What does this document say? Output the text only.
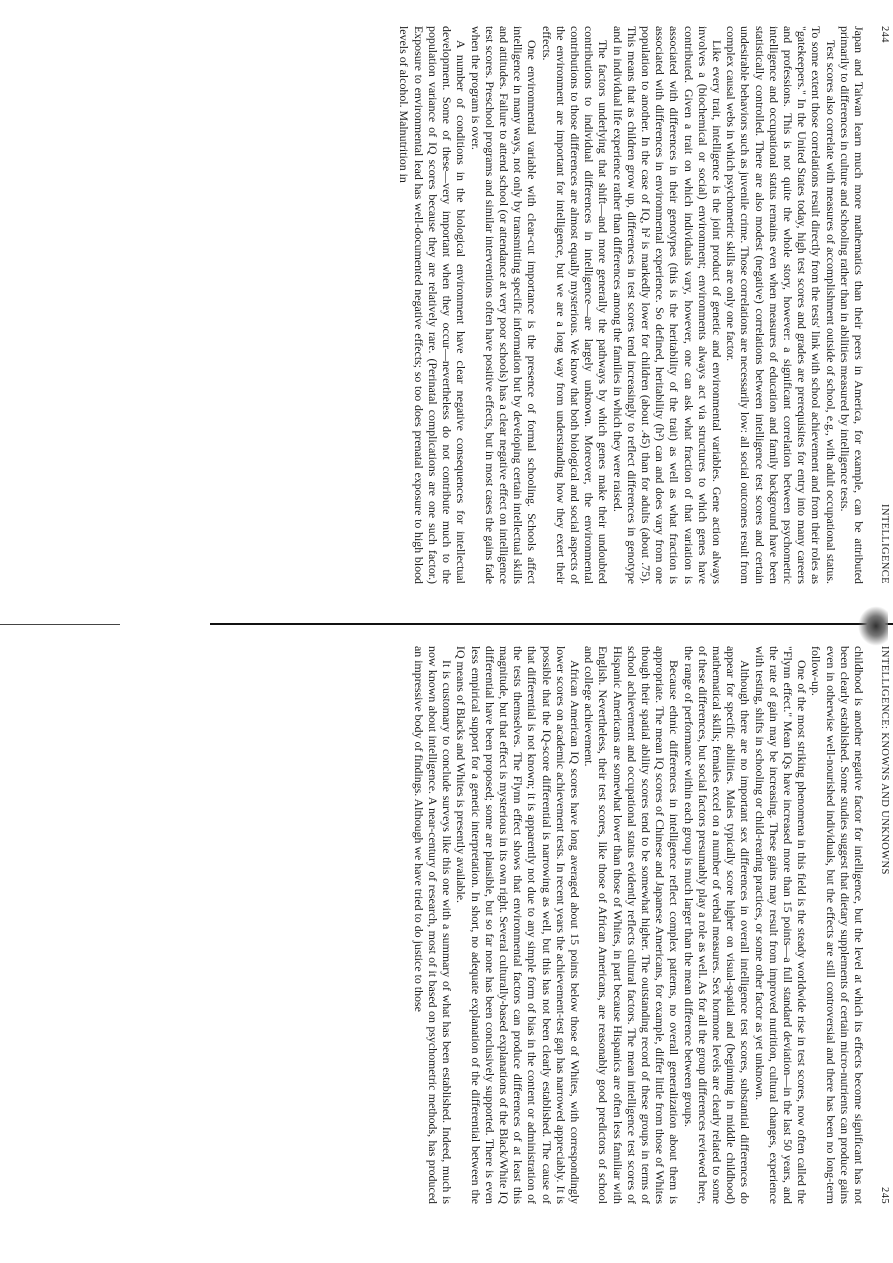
244
INTELLIGENCE

Japan and Taiwan learn much more mathematics than their peers in America, for example, can be attributed primarily to differences in culture and schooling rather than in abilities measured by intelligence tests.

Test scores also correlate with measures of accomplishment outside of school, e.g., with adult occupational status. To some extent those correlations result directly from the tests' link with school achievement and from their roles as "gatekeepers." In the United States today, high test scores and grades are prerequisites for entry into many careers and professions. This is not quite the whole story, however: a significant correlation between psychometric intelligence and occupational status remains even when measures of education and family background have been statistically controlled. There are also modest (negative) correlations between intelligence test scores and certain undesirable behaviors such as juvenile crime. Those correlations are necessarily low: all social outcomes result from complex causal webs in which psychometric skills are only one factor.

Like every trait, intelligence is the joint product of genetic and environmental variables. Gene action always involves a (biochemical or social) environment; environments always act via structures to which genes have contributed. Given a trait on which individuals vary, however, one can ask what fraction of that variation is associated with differences in their genotypes (this is the heritability of the trait) as well as what fraction is associated with differences in environmental experience. So defined, heritability (h²) can and does vary from one population to another. In the case of IQ, h² is markedly lower for children (about .45) than for adults (about .75). This means that as children grow up, differences in test scores tend increasingly to reflect differences in genotype and in individual life experience rather than differences among the families in which they were raised.

The factors underlying that shift—and more generally the pathways by which genes make their undoubted contributions to individual differences in intelligence—are largely unknown. Moreover, the environmental contributions to those differences are almost equally mysterious. We know that both biological and social aspects of the environment are important for intelligence, but we are a long way from understanding how they exert their effects.

One environmental variable with clear-cut importance is the presence of formal schooling. Schools affect intelligence in many ways, not only by transmitting specific information but by developing certain intellectual skills and attitudes. Failure to attend school (or attendance at very poor schools) has a clear negative effect on intelligence test scores. Preschool programs and similar interventions often have positive effects, but in most cases the gains fade when the program is over.

A number of conditions in the biological environment have clear negative consequences for intellectual development. Some of these—very important when they occur—nevertheless do not contribute much to the population variance of IQ scores because they are relatively rare. (Perinatal complications are one such factor.) Exposure to environmental lead has well-documented negative effects; so too does prenatal exposure to high blood levels of alcohol. Malnutrition in

INTELLIGENCE: KNOWNS AND UNKNOWNS
245

childhood is another negative factor for intelligence, but the level at which its effects become significant has not been clearly established. Some studies suggest that dietary supplements of certain micro-nutrients can produce gains even in otherwise well-nourished individuals, but the effects are still controversial and there has been no long-term follow-up.

One of the most striking phenomena in this field is the steady worldwide rise in test scores, now often called the "Flynn effect." Mean IQs have increased more than 15 points—a full standard deviation—in the last 50 years, and the rate of gain may be increasing. These gains may result from improved nutrition, cultural changes, experience with testing, shifts in schooling or child-rearing practices, or some other factor as yet unknown.

Although there are no important sex differences in overall intelligence test scores, substantial differences do appear for specific abilities. Males typically score higher on visual-spatial and (beginning in middle childhood) mathematical skills; females excel on a number of verbal measures. Sex hormone levels are clearly related to some of these differences, but social factors presumably play a role as well. As for all the group differences reviewed here, the range of performance within each group is much larger than the mean difference between groups.

Because ethnic differences in intelligence reflect complex patterns, no overall generalization about them is appropriate. The mean IQ scores of Chinese and Japanese Americans, for example, differ little from those of Whites though their spatial ability scores tend to be somewhat higher. The outstanding record of these groups in terms of school achievement and occupational status evidently reflects cultural factors. The mean intelligence test scores of Hispanic Americans are somewhat lower than those of Whites, in part because Hispanics are often less familiar with English. Nevertheless, their test scores, like those of African Americans, are reasonably good predictors of school and college achievement.

African American IQ scores have long averaged about 15 points below those of Whites, with correspondingly lower scores on academic achievement tests. In recent years the achievement-test gap has narrowed appreciably. It is possible that the IQ-score differential is narrowing as well, but this has not been clearly established. The cause of that differential is not known; it is apparently not due to any simple form of bias in the content or administration of the tests themselves. The Flynn effect shows that environmental factors can produce differences of at least this magnitude, but that effect is mysterious in its own right. Several culturally-based explanations of the Black/White IQ differential have been proposed; some are plausible, but so far none has been conclusively supported. There is even less empirical support for a genetic interpretation. In short, no adequate explanation of the differential between the IQ means of Blacks and Whites is presently available.

It is customary to conclude surveys like this one with a summary of what has been established. Indeed, much is now known about intelligence. A near-century of research, most of it based on psychometric methods, has produced an impressive body of findings. Although we have tried to do justice to those
